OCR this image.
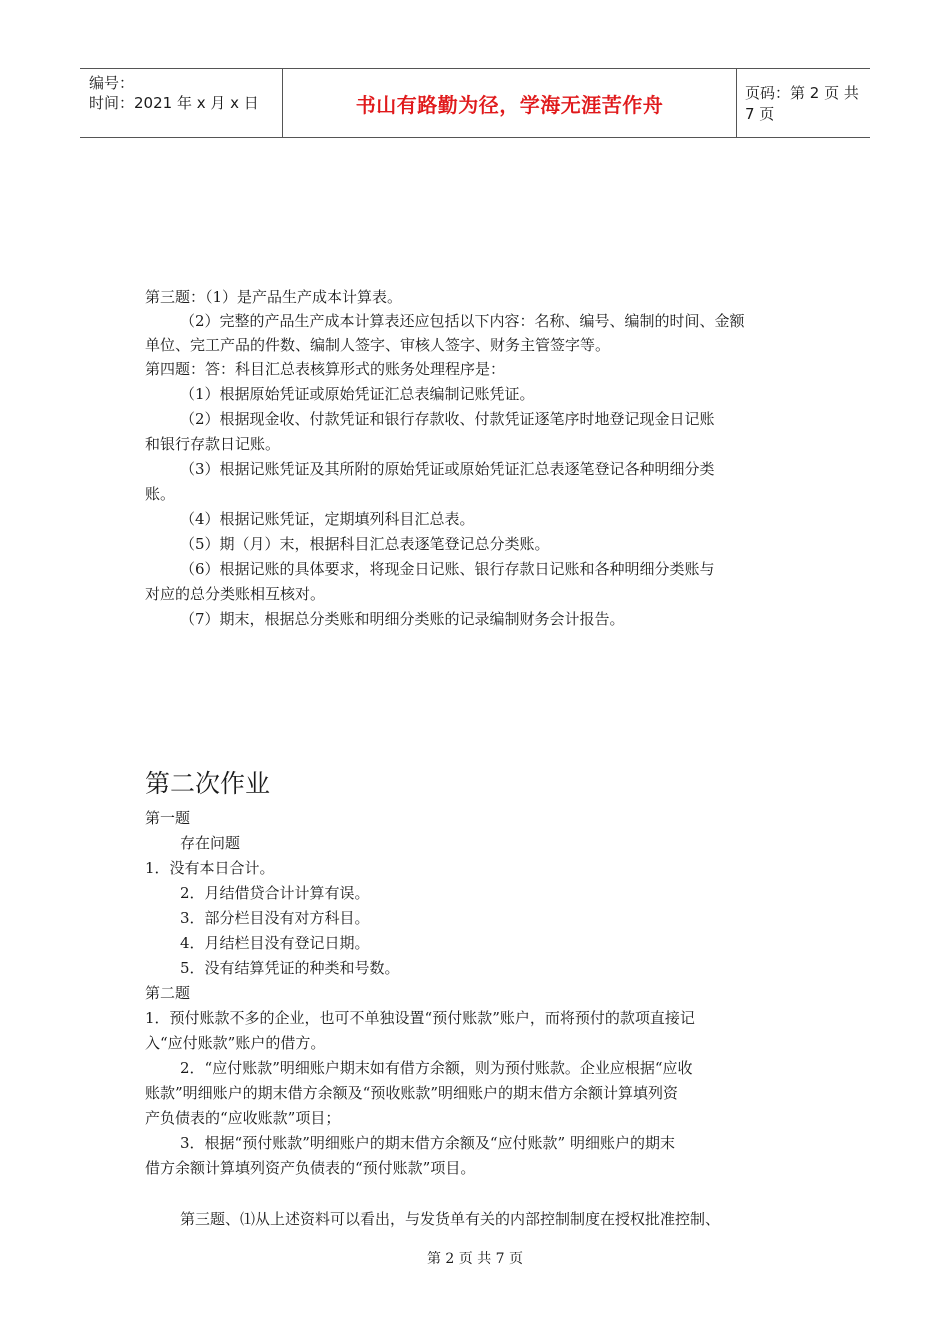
编号：
时间：2021 年 x 月 x 日	书山有路勤为径，学海无涯苦作舟	页码：第 2 页 共 7 页
第三题：（1）是产品生产成本计算表。
（2）完整的产品生产成本计算表还应包括以下内容：名称、编号、编制的时间、金额
单位、完工产品的件数、编制人签字、审核人签字、财务主管签字等。
第四题：答：科目汇总表核算形式的账务处理程序是：
（1）根据原始凭证或原始凭证汇总表编制记账凭证。
（2）根据现金收、付款凭证和银行存款收、付款凭证逐笔序时地登记现金日记账
和银行存款日记账。
（3）根据记账凭证及其所附的原始凭证或原始凭证汇总表逐笔登记各种明细分类
账。
（4）根据记账凭证，定期填列科目汇总表。
（5）期（月）末，根据科目汇总表逐笔登记总分类账。
（6）根据记账的具体要求，将现金日记账、银行存款日记账和各种明细分类账与
对应的总分类账相互核对。
（7）期末，根据总分类账和明细分类账的记录编制财务会计报告。
第二次作业
第一题
存在问题
1．没有本日合计。
2．月结借贷合计计算有误。
3．部分栏目没有对方科目。
4．月结栏目没有登记日期。
5．没有结算凭证的种类和号数。
第二题
1．预付账款不多的企业，也可不单独设置“预付账款”账户，而将预付的款项直接记
入“应付账款”账户的借方。
2．“应付账款”明细账户期末如有借方余额，则为预付账款。企业应根据“应收
账款”明细账户的期末借方余额及“预收账款”明细账户的期末借方余额计算填列资
产负债表的“应收账款”项目；
3．根据“预付账款”明细账户的期末借方余额及“应付账款” 明细账户的期末
借方余额计算填列资产负债表的“预付账款”项目。
第三题、⑴从上述资料可以看出，与发货单有关的内部控制制度在授权批准控制、
第 2 页 共 7 页
